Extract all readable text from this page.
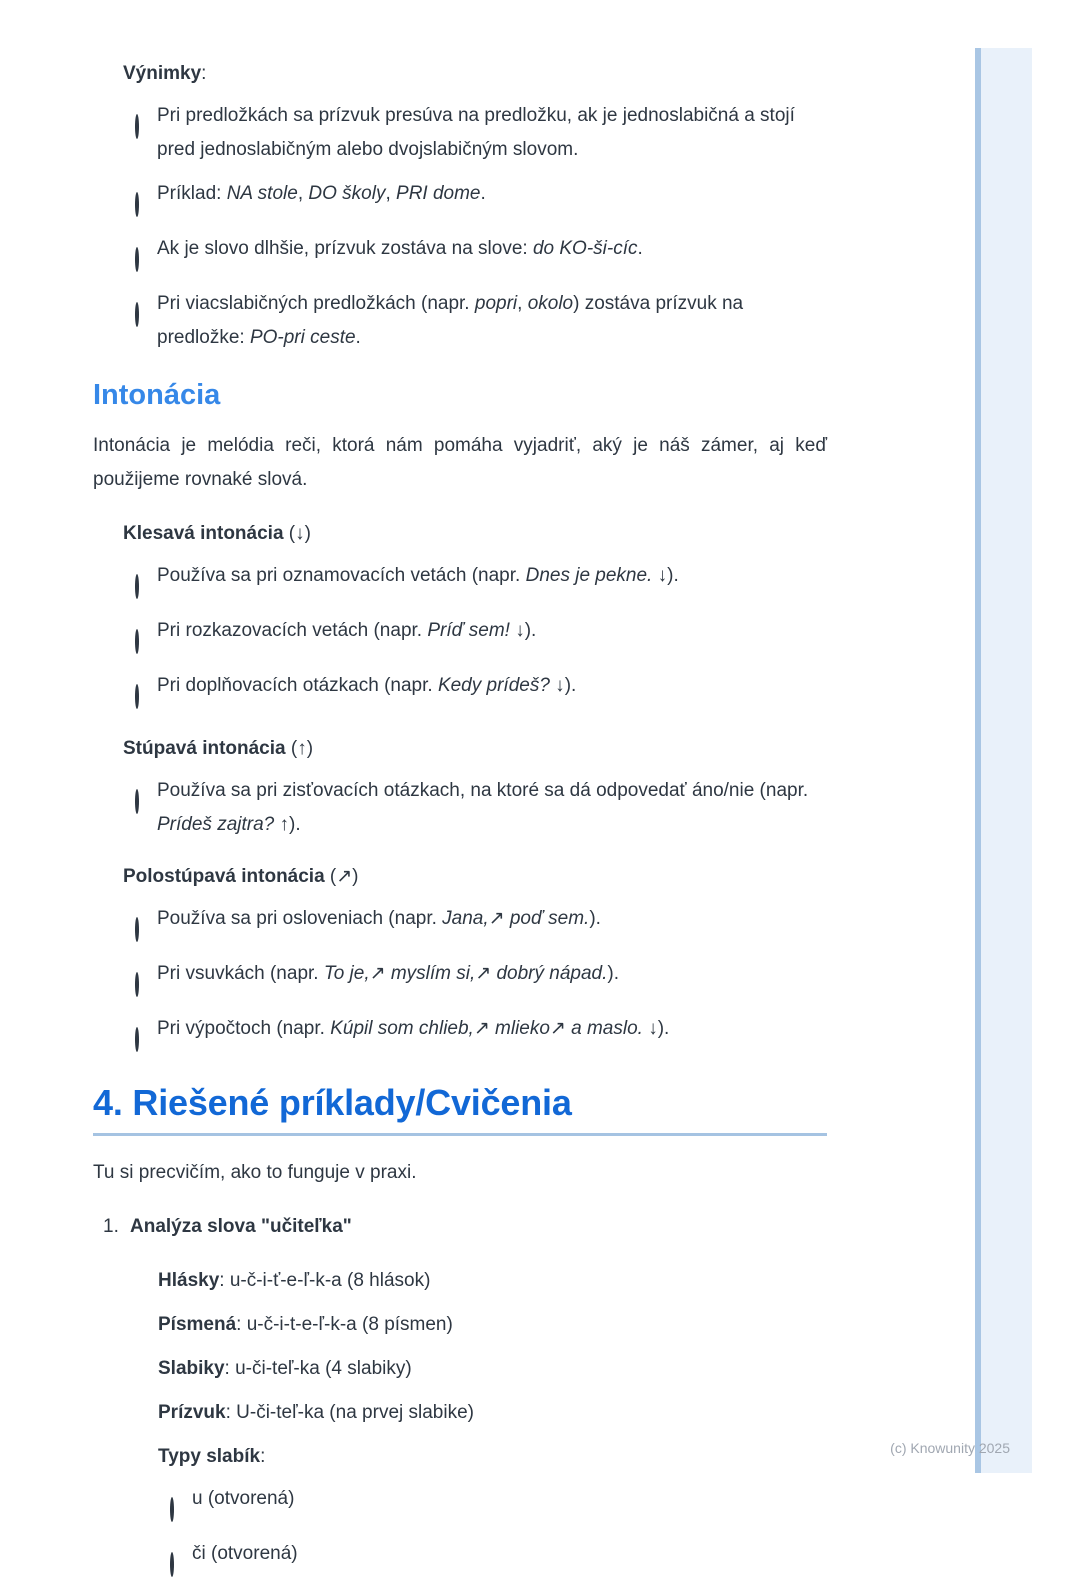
Výnimky:
Pri predložkách sa prízvuk presúva na predložku, ak je jednoslabičná a stojí pred jednoslabičným alebo dvojslabičným slovom.
Príklad: NA stole, DO školy, PRI dome.
Ak je slovo dlhšie, prízvuk zostáva na slove: do KO-ši-cíc.
Pri viacslabičných predložkách (napr. popri, okolo) zostáva prízvuk na predložke: PO-pri ceste.
Intonácia

Intonácia je melódia reči, ktorá nám pomáha vyjadriť, aký je náš zámer, aj keď použijeme rovnaké slová.

Klesavá intonácia (↓)
Používa sa pri oznamovacích vetách (napr. Dnes je pekne. ↓).
Pri rozkazovacích vetách (napr. Príď sem! ↓).
Pri doplňovacích otázkach (napr. Kedy prídeš? ↓).
Stúpavá intonácia (↑)
Používa sa pri zisťovacích otázkach, na ktoré sa dá odpovedať áno/nie (napr. Prídeš zajtra? ↑).
Polostúpavá intonácia (↗)
Používa sa pri osloveniach (napr. Jana,↗ poď sem.).
Pri vsuvkách (napr. To je,↗ myslím si,↗ dobrý nápad.).
Pri výpočtoch (napr. Kúpil som chlieb,↗ mlieko↗ a maslo. ↓).
4. Riešené príklady/Cvičenia

Tu si precvičím, ako to funguje v praxi.

1. Analýza slova "učiteľka"
Hlásky: u-č-i-ť-e-ľ-k-a (8 hlások)
Písmená: u-č-i-t-e-ľ-k-a (8 písmen)
Slabiky: u-či-teľ-ka (4 slabiky)
Prízvuk: U-či-teľ-ka (na prvej slabike)
Typy slabík:
u (otvorená)
či (otvorená)
(c) Knowunity 2025
